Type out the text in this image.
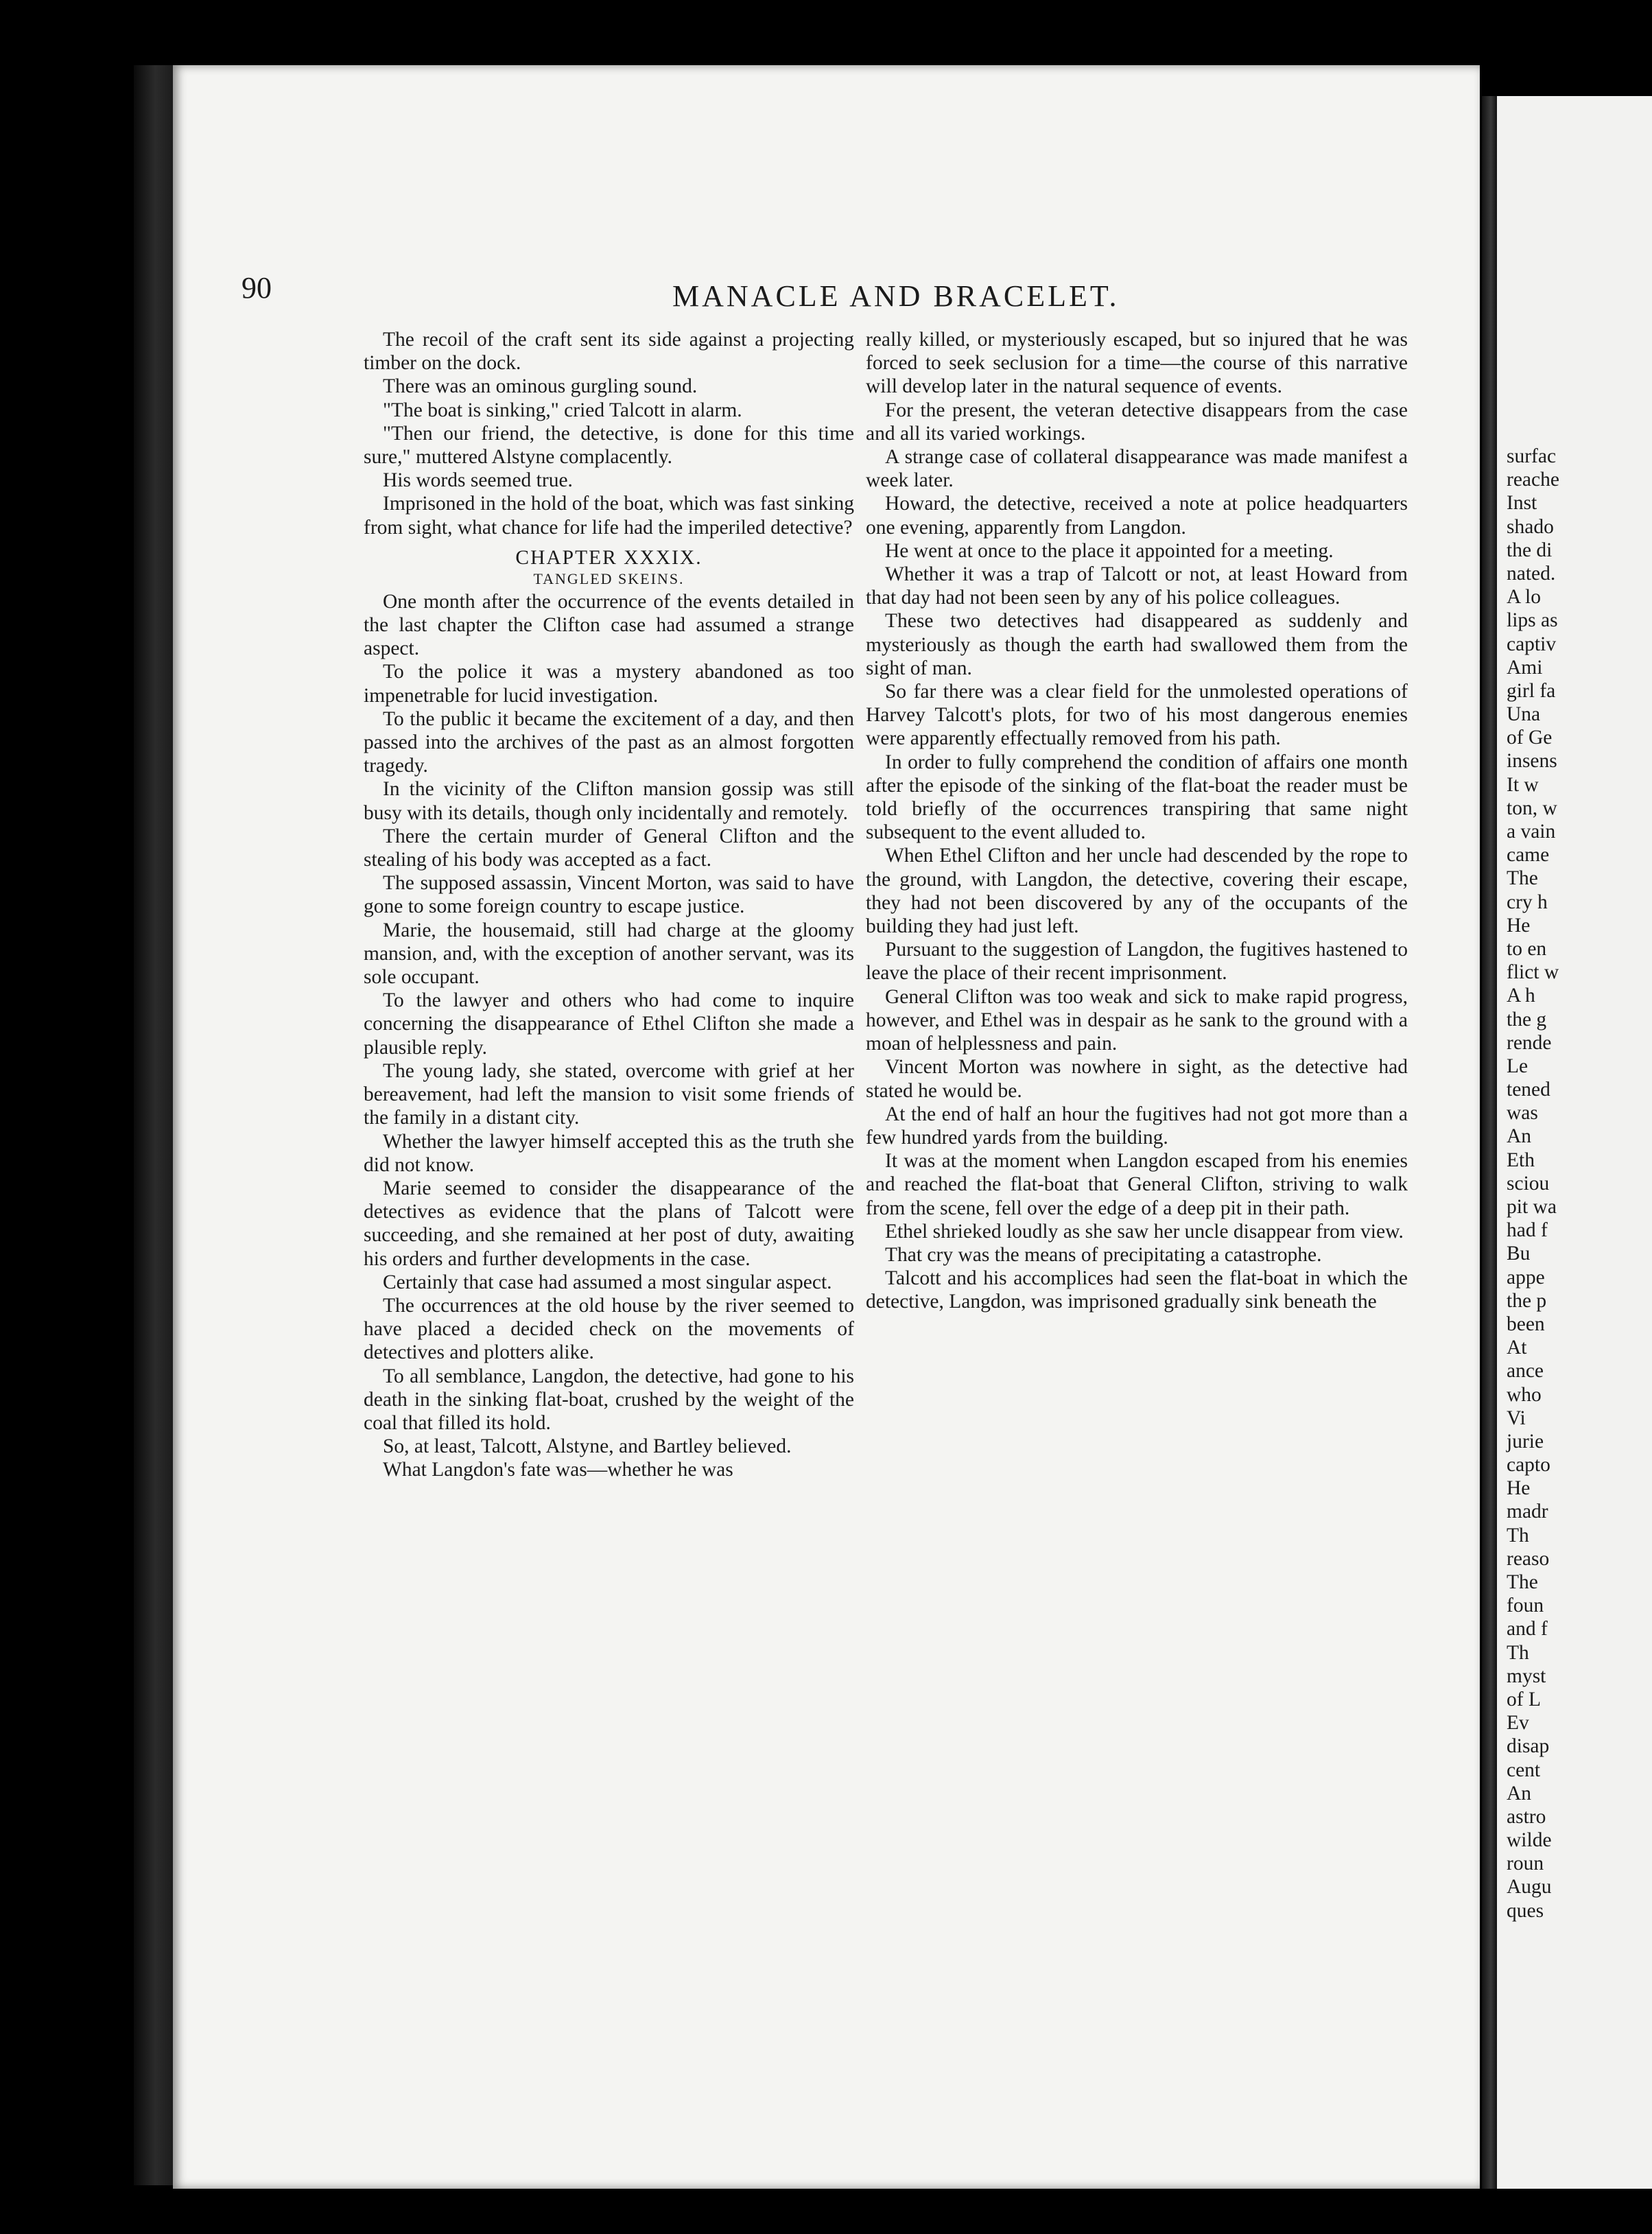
90	MANACLE AND BRACELET.

The recoil of the craft sent its side against a projecting timber on the dock.

There was an ominous gurgling sound.

"The boat is sinking," cried Talcott in alarm.

"Then our friend, the detective, is done for this time sure," muttered Alstyne complacently.

His words seemed true.

Imprisoned in the hold of the boat, which was fast sinking from sight, what chance for life had the imperiled detective?

CHAPTER XXXIX.
TANGLED SKEINS.

One month after the occurrence of the events detailed in the last chapter the Clifton case had assumed a strange aspect.

To the police it was a mystery abandoned as too impenetrable for lucid investigation.

To the public it became the excitement of a day, and then passed into the archives of the past as an almost forgotten tragedy.

In the vicinity of the Clifton mansion gossip was still busy with its details, though only incidentally and remotely.

There the certain murder of General Clifton and the stealing of his body was accepted as a fact.

The supposed assassin, Vincent Morton, was said to have gone to some foreign country to escape justice.

Marie, the housemaid, still had charge at the gloomy mansion, and, with the exception of another servant, was its sole occupant.

To the lawyer and others who had come to inquire concerning the disappearance of Ethel Clifton she made a plausible reply.

The young lady, she stated, overcome with grief at her bereavement, had left the mansion to visit some friends of the family in a distant city.

Whether the lawyer himself accepted this as the truth she did not know.

Marie seemed to consider the disappearance of the detectives as evidence that the plans of Talcott were succeeding, and she remained at her post of duty, awaiting his orders and further developments in the case.

Certainly that case had assumed a most singular aspect.

The occurrences at the old house by the river seemed to have placed a decided check on the movements of detectives and plotters alike.

To all semblance, Langdon, the detective, had gone to his death in the sinking flat-boat, crushed by the weight of the coal that filled its hold.

So, at least, Talcott, Alstyne, and Bartley believed.

What Langdon's fate was—whether he was

really killed, or mysteriously escaped, but so injured that he was forced to seek seclusion for a time—the course of this narrative will develop later in the natural sequence of events.

For the present, the veteran detective disappears from the case and all its varied workings.

A strange case of collateral disappearance was made manifest a week later.

Howard, the detective, received a note at police headquarters one evening, apparently from Langdon.

He went at once to the place it appointed for a meeting.

Whether it was a trap of Talcott or not, at least Howard from that day had not been seen by any of his police colleagues.

These two detectives had disappeared as suddenly and mysteriously as though the earth had swallowed them from the sight of man.

So far there was a clear field for the unmolested operations of Harvey Talcott's plots, for two of his most dangerous enemies were apparently effectually removed from his path.

In order to fully comprehend the condition of affairs one month after the episode of the sinking of the flat-boat the reader must be told briefly of the occurrences transpiring that same night subsequent to the event alluded to.

When Ethel Clifton and her uncle had descended by the rope to the ground, with Langdon, the detective, covering their escape, they had not been discovered by any of the occupants of the building they had just left.

Pursuant to the suggestion of Langdon, the fugitives hastened to leave the place of their recent imprisonment.

General Clifton was too weak and sick to make rapid progress, however, and Ethel was in despair as he sank to the ground with a moan of helplessness and pain.

Vincent Morton was nowhere in sight, as the detective had stated he would be.

At the end of half an hour the fugitives had not got more than a few hundred yards from the building.

It was at the moment when Langdon escaped from his enemies and reached the flat-boat that General Clifton, striving to walk from the scene, fell over the edge of a deep pit in their path.

Ethel shrieked loudly as she saw her uncle disappear from view.

That cry was the means of precipitating a catastrophe.

Talcott and his accomplices had seen the flat-boat in which the detective, Langdon, was imprisoned gradually sink beneath the

surfac
reache
Inst
shado
the di
nated.
A lo
lips as
captiv
Ami
girl fa
Una
of Ge
insens
It w
ton, w
a vain
came
The
cry h
He
to en
flict w
A h
the g
rende
Le
tened
was
An
Eth
sciou
pit wa
had f
Bu
appe
the p
been
At
ance
who
Vi
jurie
capto
He
madr
Th
reaso
The
foun
and f
Th
myst
of L
Ev
disap
cent
An
astro
wilde
roun
Augu
ques
